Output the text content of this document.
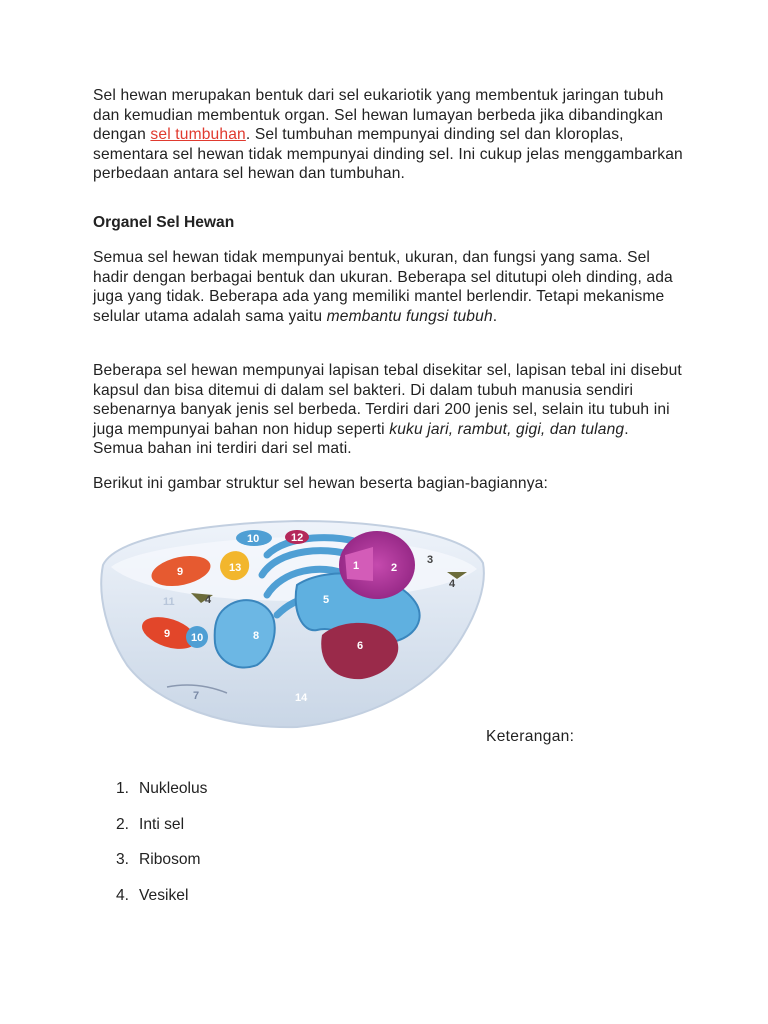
Sel hewan merupakan bentuk dari sel eukariotik yang membentuk jaringan tubuh dan kemudian membentuk organ. Sel hewan lumayan berbeda jika dibandingkan dengan sel tumbuhan. Sel tumbuhan mempunyai dinding sel dan kloroplas, sementara sel hewan tidak mempunyai dinding sel. Ini cukup jelas menggambarkan perbedaan antara sel hewan dan tumbuhan.

Organel Sel Hewan

Semua sel hewan tidak mempunyai bentuk, ukuran, dan fungsi yang sama. Sel hadir dengan berbagai bentuk dan ukuran. Beberapa sel ditutupi oleh dinding, ada juga yang tidak. Beberapa ada yang memiliki mantel berlendir. Tetapi mekanisme selular utama adalah sama yaitu membantu fungsi tubuh.

Beberapa sel hewan mempunyai lapisan tebal disekitar sel, lapisan tebal ini disebut kapsul dan bisa ditemui di dalam sel bakteri. Di dalam tubuh manusia sendiri sebenarnya banyak jenis sel berbeda. Terdiri dari 200 jenis sel, selain itu tubuh ini juga mempunyai bahan non hidup seperti kuku jari, rambut, gigi, dan tulang. Semua bahan ini terdiri dari sel mati.

Berikut ini gambar struktur sel hewan beserta bagian-bagiannya:

1	2
3
4
4	5
6
7
8
9
9
10
10
11
12
13
14
Keterangan:
1. Nukleolus
2. Inti sel
3. Ribosom
4. Vesikel
